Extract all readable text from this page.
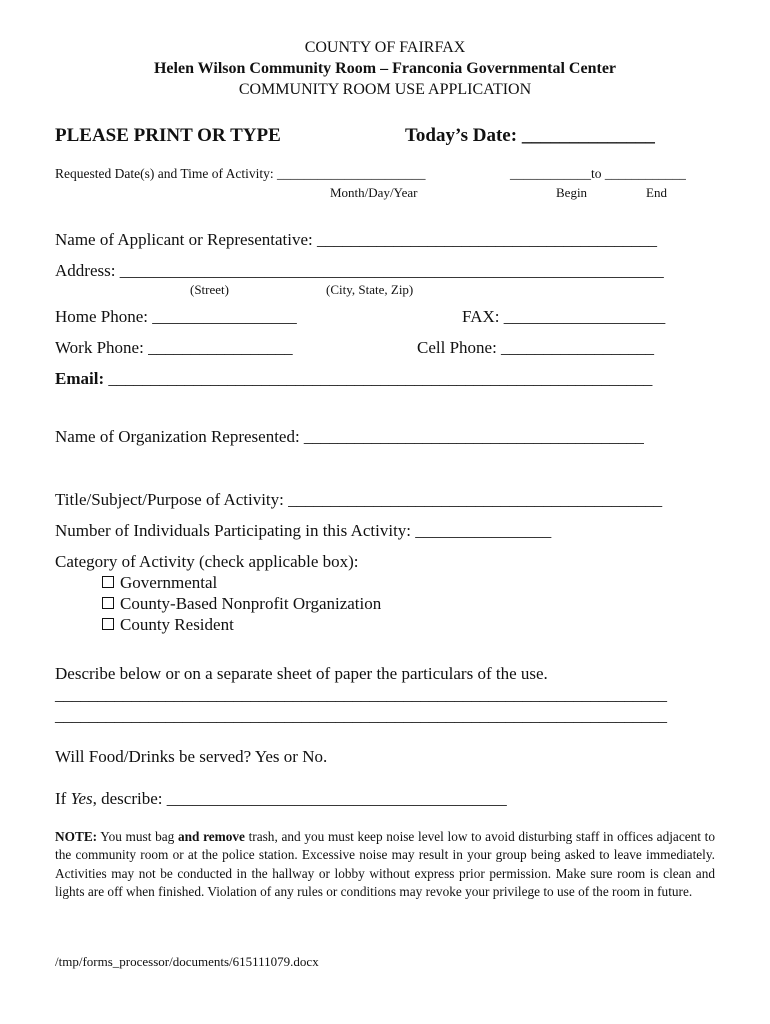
COUNTY OF FAIRFAX
Helen Wilson Community Room – Franconia Governmental Center
COMMUNITY ROOM USE APPLICATION
PLEASE PRINT OR TYPE	Today’s Date: ______________
Requested Date(s) and Time of Activity: ______________________	____________to ____________
Month/Day/Year	Begin	End
Name of Applicant or Representative: ________________________________________
Address: ________________________________________________________________
(Street)	(City, State, Zip)
Home Phone: _________________	FAX: ___________________
Work Phone: _________________	Cell Phone: __________________
Email: ________________________________________________________________
Name of Organization Represented: ________________________________________
Title/Subject/Purpose of Activity: ____________________________________________
Number of Individuals Participating in this Activity: ________________
Category of Activity (check applicable box):
Governmental
County-Based Nonprofit Organization
County Resident
Describe below or on a separate sheet of paper the particulars of the use.
________________________________________________________________________
________________________________________________________________________
Will Food/Drinks be served? Yes or No.
If Yes, describe: ________________________________________
NOTE: You must bag and remove trash, and you must keep noise level low to avoid disturbing staff in offices adjacent to the community room or at the police station. Excessive noise may result in your group being asked to leave immediately. Activities may not be conducted in the hallway or lobby without express prior permission. Make sure room is clean and lights are off when finished. Violation of any rules or conditions may revoke your privilege to use of the room in future.
/tmp/forms_processor/documents/615111079.docx
